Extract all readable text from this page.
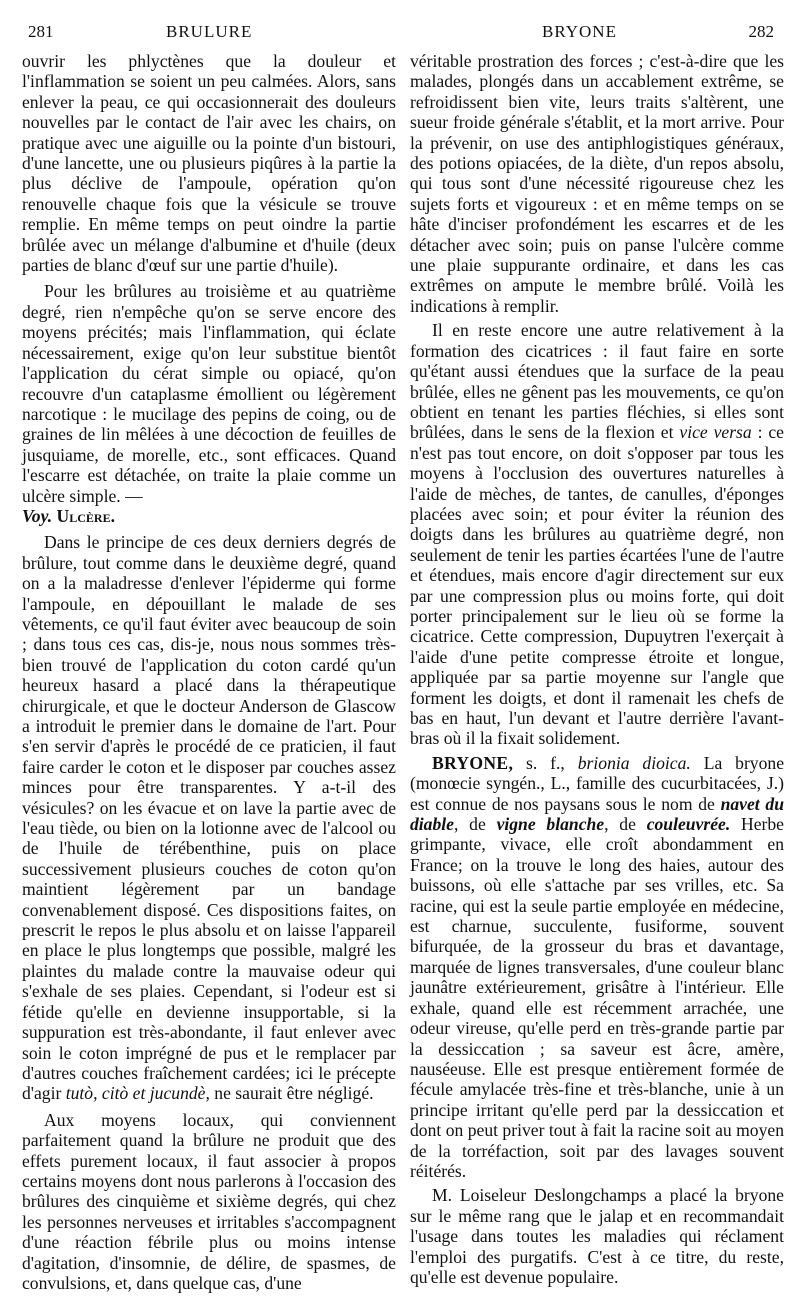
281	BRULURE	BRYONE	282

ouvrir les phlyctènes que la douleur et l'inflammation se soient un peu calmées. Alors, sans enlever la peau, ce qui occasionnerait des douleurs nouvelles par le contact de l'air avec les chairs, on pratique avec une aiguille ou la pointe d'un bistouri, d'une lancette, une ou plusieurs piqûres à la partie la plus déclive de l'ampoule, opération qu'on renouvelle chaque fois que la vésicule se trouve remplie. En même temps on peut oindre la partie brûlée avec un mélange d'albumine et d'huile (deux parties de blanc d'œuf sur une partie d'huile).

Pour les brûlures au troisième et au quatrième degré, rien n'empêche qu'on se serve encore des moyens précités; mais l'inflammation, qui éclate nécessairement, exige qu'on leur substitue bientôt l'application du cérat simple ou opiacé, qu'on recouvre d'un cataplasme émollient ou légèrement narcotique : le mucilage des pepins de coing, ou de graines de lin mêlées à une décoction de feuilles de jusquiame, de morelle, etc., sont efficaces. Quand l'escarre est détachée, on traite la plaie comme un ulcère simple. —
Voy. Ulcère.

Dans le principe de ces deux derniers degrés de brûlure, tout comme dans le deuxième degré, quand on a la maladresse d'enlever l'épiderme qui forme l'ampoule, en dépouillant le malade de ses vêtements, ce qu'il faut éviter avec beaucoup de soin ; dans tous ces cas, dis-je, nous nous sommes très-bien trouvé de l'application du coton cardé qu'un heureux hasard a placé dans la thérapeutique chirurgicale, et que le docteur Anderson de Glascow a introduit le premier dans le domaine de l'art. Pour s'en servir d'après le procédé de ce praticien, il faut faire carder le coton et le disposer par couches assez minces pour être transparentes. Y a-t-il des vésicules? on les évacue et on lave la partie avec de l'eau tiède, ou bien on la lotionne avec de l'alcool ou de l'huile de térébenthine, puis on place successivement plusieurs couches de coton qu'on maintient légèrement par un bandage convenablement disposé. Ces dispositions faites, on prescrit le repos le plus absolu et on laisse l'appareil en place le plus longtemps que possible, malgré les plaintes du malade contre la mauvaise odeur qui s'exhale de ses plaies. Cependant, si l'odeur est si fétide qu'elle en devienne insupportable, si la suppuration est très-abondante, il faut enlever avec soin le coton imprégné de pus et le remplacer par d'autres couches fraîchement cardées; ici le précepte d'agir tutò, citò et jucundè, ne saurait être négligé.

Aux moyens locaux, qui conviennent parfaitement quand la brûlure ne produit que des effets purement locaux, il faut associer à propos certains moyens dont nous parlerons à l'occasion des brûlures des cinquième et sixième degrés, qui chez les personnes nerveuses et irritables s'accompagnent d'une réaction fébrile plus ou moins intense d'agitation, d'insomnie, de délire, de spasmes, de convulsions, et, dans quelque cas, d'une

véritable prostration des forces ; c'est-à-dire que les malades, plongés dans un accablement extrême, se refroidissent bien vite, leurs traits s'altèrent, une sueur froide générale s'établit, et la mort arrive. Pour la prévenir, on use des antiphlogistiques généraux, des potions opiacées, de la diète, d'un repos absolu, qui tous sont d'une nécessité rigoureuse chez les sujets forts et vigoureux : et en même temps on se hâte d'inciser profondément les escarres et de les détacher avec soin; puis on panse l'ulcère comme une plaie suppurante ordinaire, et dans les cas extrêmes on ampute le membre brûlé. Voilà les indications à remplir.

Il en reste encore une autre relativement à la formation des cicatrices : il faut faire en sorte qu'étant aussi étendues que la surface de la peau brûlée, elles ne gênent pas les mouvements, ce qu'on obtient en tenant les parties fléchies, si elles sont brûlées, dans le sens de la flexion et vice versa : ce n'est pas tout encore, on doit s'opposer par tous les moyens à l'occlusion des ouvertures naturelles à l'aide de mèches, de tantes, de canulles, d'éponges placées avec soin; et pour éviter la réunion des doigts dans les brûlures au quatrième degré, non seulement de tenir les parties écartées l'une de l'autre et étendues, mais encore d'agir directement sur eux par une compression plus ou moins forte, qui doit porter principalement sur le lieu où se forme la cicatrice. Cette compression, Dupuytren l'exerçait à l'aide d'une petite compresse étroite et longue, appliquée par sa partie moyenne sur l'angle que forment les doigts, et dont il ramenait les chefs de bas en haut, l'un devant et l'autre derrière l'avant-bras où il la fixait solidement.

BRYONE, s. f., brionia dioica. La bryone (monœcie syngén., L., famille des cucurbitacées, J.) est connue de nos paysans sous le nom de navet du diable, de vigne blanche, de couleuvrée. Herbe grimpante, vivace, elle croît abondamment en France; on la trouve le long des haies, autour des buissons, où elle s'attache par ses vrilles, etc. Sa racine, qui est la seule partie employée en médecine, est charnue, succulente, fusiforme, souvent bifurquée, de la grosseur du bras et davantage, marquée de lignes transversales, d'une couleur blanc jaunâtre extérieurement, grisâtre à l'intérieur. Elle exhale, quand elle est récemment arrachée, une odeur vireuse, qu'elle perd en très-grande partie par la dessiccation ; sa saveur est âcre, amère, nauséeuse. Elle est presque entièrement formée de fécule amylacée très-fine et très-blanche, unie à un principe irritant qu'elle perd par la dessiccation et dont on peut priver tout à fait la racine soit au moyen de la torréfaction, soit par des lavages souvent réitérés.

M. Loiseleur Deslongchamps a placé la bryone sur le même rang que le jalap et en recommandait l'usage dans toutes les maladies qui réclament l'emploi des purgatifs. C'est à ce titre, du reste, qu'elle est devenue populaire.
